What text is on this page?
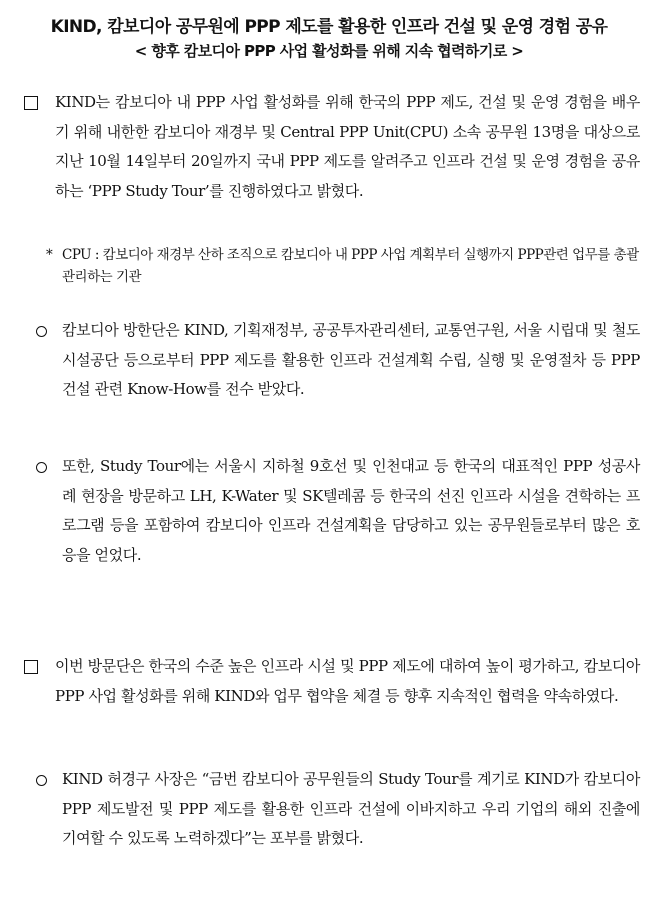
KIND, 캄보디아 공무원에 PPP 제도를 활용한 인프라 건설 및 운영 경험 공유
< 향후 캄보디아 PPP 사업 활성화를 위해 지속 협력하기로 >
KIND는 캄보디아 내 PPP 사업 활성화를 위해 한국의 PPP 제도, 건설 및 운영 경험을 배우기 위해 내한한 캄보디아 재경부 및 Central PPP Unit(CPU) 소속 공무원 13명을 대상으로 지난 10월 14일부터 20일까지 국내 PPP 제도를 알려주고 인프라 건설 및 운영 경험을 공유하는 ‘PPP Study Tour’를 진행하였다고 밝혔다.
* CPU : 캄보디아 재경부 산하 조직으로 캄보디아 내 PPP 사업 계획부터 실행까지 PPP관련 업무를 총괄관리하는 기관
캄보디아 방한단은 KIND, 기획재정부, 공공투자관리센터, 교통연구원, 서울 시립대 및 철도시설공단 등으로부터 PPP 제도를 활용한 인프라 건설계획 수립, 실행 및 운영절차 등 PPP건설 관련 Know-How를 전수 받았다.
또한, Study Tour에는 서울시 지하철 9호선 및 인천대교 등 한국의 대표적인 PPP 성공사례 현장을 방문하고 LH, K-Water 및 SK텔레콤 등 한국의 선진 인프라 시설을 견학하는 프로그램 등을 포함하여 캄보디아 인프라 건설계획을 담당하고 있는 공무원들로부터 많은 호응을 얻었다.
이번 방문단은 한국의 수준 높은 인프라 시설 및 PPP 제도에 대하여 높이 평가하고, 캄보디아 PPP 사업 활성화를 위해 KIND와 업무 협약을 체결 등 향후 지속적인 협력을 약속하였다.
KIND 허경구 사장은 “금번 캄보디아 공무원들의 Study Tour를 계기로 KIND가 캄보디아 PPP 제도발전 및 PPP 제도를 활용한 인프라 건설에 이바지하고 우리 기업의 해외 진출에 기여할 수 있도록 노력하겠다”는 포부를 밝혔다.
